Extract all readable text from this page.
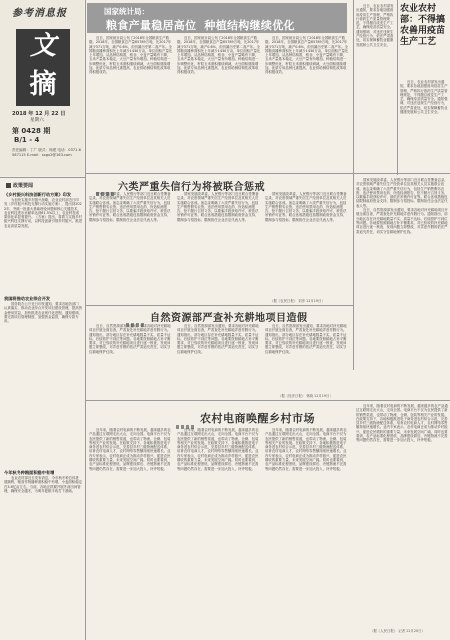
参考消息报
文
摘
2018 年 12 月 22 日
星期六
第 0428 期
B/1 - 4
责任编辑：丁广 版式：杨建 电话：0371-6567115 E-mail：sxgx2@163.com
政策要闻
《乡村振兴科技创新行动方案》印发

为加快实施乡村振兴战略，农业农村部近日印发《乡村振兴科技支撑行动实施方案》，提出到2022年，突破一批重大基础理论问题和核心关键技术，农业科技进步贡献率达到61.5%以上，农业科技成果转化率显著提升。《方案》提出，将着力实施乡村振兴科技支撑行动，以科技创新引领乡村振兴，推进农业高质量发展。

我国将推动农业综合开发

国务院办公厅近日印发通知，要求各地各部门认真落实，推动农业综合开发项目建设管理，提高资金使用效益，加快推进农业现代化进程。通知强调，要完善项目管理制度，加强资金监管，确保专款专用。

今年秋冬种粮面积稳中有增

农业农村部近日发布消息，今年秋冬种总体进展顺利，粮食作物播种面积稳中有增，小麦面积稳定在3.6亿亩左右。当前，各地正抓紧开展冬前田间管理，确保安全越冬，为明年夏粮丰收打下基础。

农业农村部：不得搞农兽用疫苗生产工艺

近日，农业农村部发出通知，要求各地加强兽用疫苗生产管理，严格执行兽药生产质量管理规范，不得擅自改变生产工艺，确保疫苗质量安全。通知强调，对违法违规生产经营行为，依法严肃查处，切实保障畜牧业健康发展和公共卫生安全。

近日，农业农村部发出通知，要求各地加强兽用疫苗生产管理，严格执行兽药生产质量管理规范，不得擅自改变生产工艺，确保疫苗质量安全。通知强调，对违法违规生产经营行为，依法严肃查处，切实保障畜牧业健康发展和公共卫生安全。

国家统计局：
粮食产量稳居高位 种植结构继续优化

近日，国家统计局公布了2018年全国粮食生产数据。2018年，全国粮食总产量65789万吨，比2017年减少371万吨，减产0.6%，但仍属历史第二高产年。全国粮食播种面积比上年减少1430万亩，单位面积产量比上年增加。从品种结构看，稻谷、小麦产量略有下降，玉米产量基本稳定，大豆产量有所增加。种植结构进一步调整优化，籽粒玉米面积继续调减，大豆面积继续增加，优质专用品种比重提高，农业供给侧结构性改革取得积极成效。

近日，国家统计局公布了2018年全国粮食生产数据。2018年，全国粮食总产量65789万吨，比2017年减少371万吨，减产0.6%，但仍属历史第二高产年。全国粮食播种面积比上年减少1430万亩，单位面积产量比上年增加。从品种结构看，稻谷、小麦产量略有下降，玉米产量基本稳定，大豆产量有所增加。种植结构进一步调整优化，籽粒玉米面积继续调减，大豆面积继续增加，优质专用品种比重提高，农业供给侧结构性改革取得积极成效。

近日，国家统计局公布了2018年全国粮食生产数据。2018年，全国粮食总产量65789万吨，比2017年减少371万吨，减产0.6%，但仍属历史第二高产年。全国粮食播种面积比上年减少1430万亩，单位面积产量比上年增加。从品种结构看，稻谷、小麦产量略有下降，玉米产量基本稳定，大豆产量有所增加。种植结构进一步调整优化，籽粒玉米面积继续调减，大豆面积继续增加，优质专用品种比重提高，农业供给侧结构性改革取得积极成效。

国家发展改革委、人民银行等部门近日联合签署备忘录，对农资领域严重失信生产经营单位及其相关人员实施联合惩戒。备忘录明确了六类严重失信行为，包括生产销售假劣农资、违法使用禁用农药、伪造检测报告、拒不履行召回义务、以欺骗手段获取许可、被依法吊销许可证等。联合惩戒措施包括限制政府资金支持、限制参与招投标、限制担任企业法定代表人等。

近日，自然资源部发出通知，要求各地对补充耕地项目开展全面自查，严肃查处补充耕地弄虚作假行为。通知指出，部分地区存在补充耕地数量不实、质量不达标、后续管护不到位等问题。各地要按照耕地占补平衡要求，对已验收的补充耕地项目进行逐一核查，发现问题立即整改，对弄虚作假的依法严肃追究责任，切实守住耕地保护红线。

六类严重失信行为将被联合惩戒

国家发展改革委、人民银行等部门近日联合签署备忘录，对农资领域严重失信生产经营单位及其相关人员实施联合惩戒。备忘录明确了六类严重失信行为，包括生产销售假劣农资、违法使用禁用农药、伪造检测报告、拒不履行召回义务、以欺骗手段获取许可、被依法吊销许可证等。联合惩戒措施包括限制政府资金支持、限制参与招投标、限制担任企业法定代表人等。

国家发展改革委、人民银行等部门近日联合签署备忘录，对农资领域严重失信生产经营单位及其相关人员实施联合惩戒。备忘录明确了六类严重失信行为，包括生产销售假劣农资、违法使用禁用农药、伪造检测报告、拒不履行召回义务、以欺骗手段获取许可、被依法吊销许可证等。联合惩戒措施包括限制政府资金支持、限制参与招投标、限制担任企业法定代表人等。

国家发展改革委、人民银行等部门近日联合签署备忘录，对农资领域严重失信生产经营单位及其相关人员实施联合惩戒。备忘录明确了六类严重失信行为，包括生产销售假劣农资、违法使用禁用农药、伪造检测报告、拒不履行召回义务、以欺骗手段获取许可、被依法吊销许可证等。联合惩戒措施包括限制政府资金支持、限制参与招投标、限制担任企业法定代表人等。

（据《农民日报》 刘彦 12月19日）
自然资源部严查补充耕地项目造假

近日，自然资源部发出通知，要求各地对补充耕地项目开展全面自查，严肃查处补充耕地弄虚作假行为。通知指出，部分地区存在补充耕地数量不实、质量不达标、后续管护不到位等问题。各地要按照耕地占补平衡要求，对已验收的补充耕地项目进行逐一核查，发现问题立即整改，对弄虚作假的依法严肃追究责任，切实守住耕地保护红线。

近日，自然资源部发出通知，要求各地对补充耕地项目开展全面自查，严肃查处补充耕地弄虚作假行为。通知指出，部分地区存在补充耕地数量不实、质量不达标、后续管护不到位等问题。各地要按照耕地占补平衡要求，对已验收的补充耕地项目进行逐一核查，发现问题立即整改，对弄虚作假的依法严肃追究责任，切实守住耕地保护红线。

近日，自然资源部发出通知，要求各地对补充耕地项目开展全面自查，严肃查处补充耕地弄虚作假行为。通知指出，部分地区存在补充耕地数量不实、质量不达标、后续管护不到位等问题。各地要按照耕地占补平衡要求，对已验收的补充耕地项目进行逐一核查，发现问题立即整改，对弄虚作假的依法严肃追究责任，切实守住耕地保护红线。

（据《经济日报》 林晓 12月19日）
农村电商唤醒乡村市场

近年来，随着农村电商的不断发展，越来越多的农产品通过互联网走出大山，走向全国。电商平台不仅为农民提供了新的销售渠道，也带动了物流、仓储、包装等相关产业的发展。在政策支持下，各地积极推进电子商务进农村综合示范，完善县乡村三级物流配送体系，培育农村电商人才，农村网络零售额持续快速增长。业内专家表示，农村电商正成为推动乡村振兴、促进农民增收的重要力量，未来发展空间广阔。同时也要看到，农产品标准化程度低、品牌建设滞后、冷链物流不完善等问题仍然存在，需要进一步加大投入，补齐短板。

近年来，随着农村电商的不断发展，越来越多的农产品通过互联网走出大山，走向全国。电商平台不仅为农民提供了新的销售渠道，也带动了物流、仓储、包装等相关产业的发展。在政策支持下，各地积极推进电子商务进农村综合示范，完善县乡村三级物流配送体系，培育农村电商人才，农村网络零售额持续快速增长。业内专家表示，农村电商正成为推动乡村振兴、促进农民增收的重要力量，未来发展空间广阔。同时也要看到，农产品标准化程度低、品牌建设滞后、冷链物流不完善等问题仍然存在，需要进一步加大投入，补齐短板。

近年来，随着农村电商的不断发展，越来越多的农产品通过互联网走出大山，走向全国。电商平台不仅为农民提供了新的销售渠道，也带动了物流、仓储、包装等相关产业的发展。在政策支持下，各地积极推进电子商务进农村综合示范，完善县乡村三级物流配送体系，培育农村电商人才，农村网络零售额持续快速增长。业内专家表示，农村电商正成为推动乡村振兴、促进农民增收的重要力量，未来发展空间广阔。同时也要看到，农产品标准化程度低、品牌建设滞后、冷链物流不完善等问题仍然存在，需要进一步加大投入，补齐短板。

近年来，随着农村电商的不断发展，越来越多的农产品通过互联网走出大山，走向全国。电商平台不仅为农民提供了新的销售渠道，也带动了物流、仓储、包装等相关产业的发展。在政策支持下，各地积极推进电子商务进农村综合示范，完善县乡村三级物流配送体系，培育农村电商人才，农村网络零售额持续快速增长。业内专家表示，农村电商正成为推动乡村振兴、促进农民增收的重要力量，未来发展空间广阔。同时也要看到，农产品标准化程度低、品牌建设滞后、冷链物流不完善等问题仍然存在，需要进一步加大投入，补齐短板。

（据《人民日报》 记者 12月20日）
